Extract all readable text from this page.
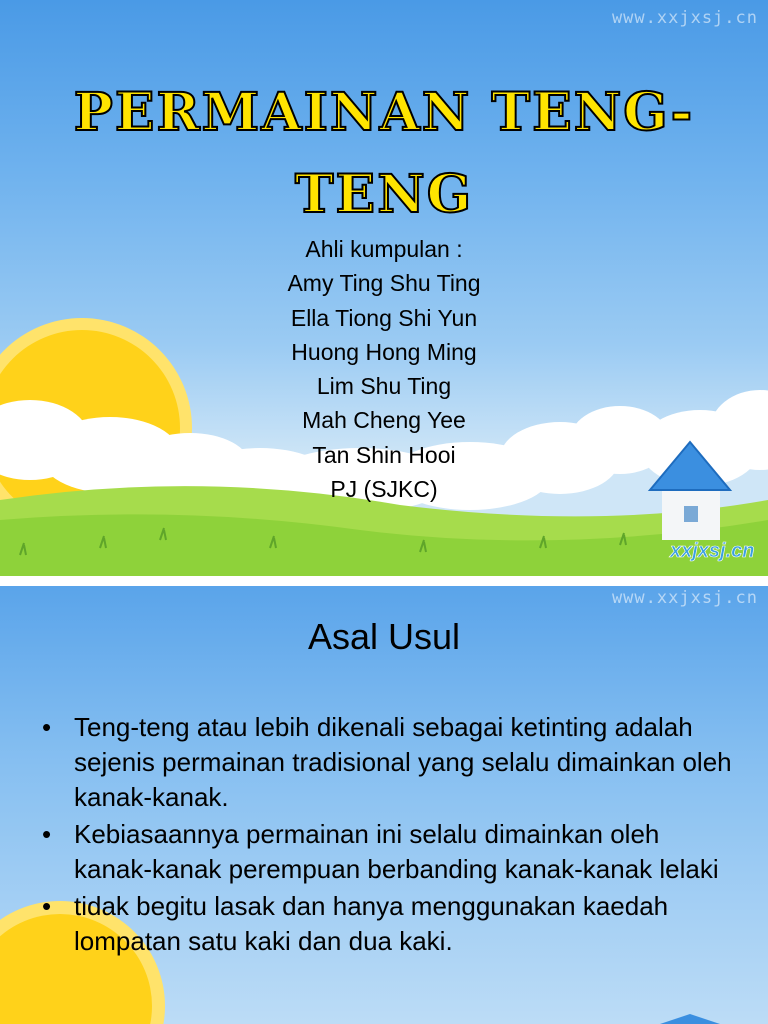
www.xxjxsj.cn
PERMAINAN TENG-
TENG
Ahli kumpulan :
Amy Ting Shu Ting
Ella Tiong Shi Yun
Huong Hong Ming
Lim Shu Ting
Mah Cheng Yee
Tan Shin Hooi
PJ (SJKC)
xxjxsj.cn
www.xxjxsj.cn
Asal Usul
• Teng-teng atau lebih dikenali sebagai ketinting adalah sejenis permainan tradisional yang selalu dimainkan oleh kanak-kanak.
• Kebiasaannya permainan ini selalu dimainkan oleh kanak-kanak perempuan berbanding kanak-kanak lelaki
• tidak begitu lasak dan hanya menggunakan kaedah lompatan satu kaki dan dua kaki.
